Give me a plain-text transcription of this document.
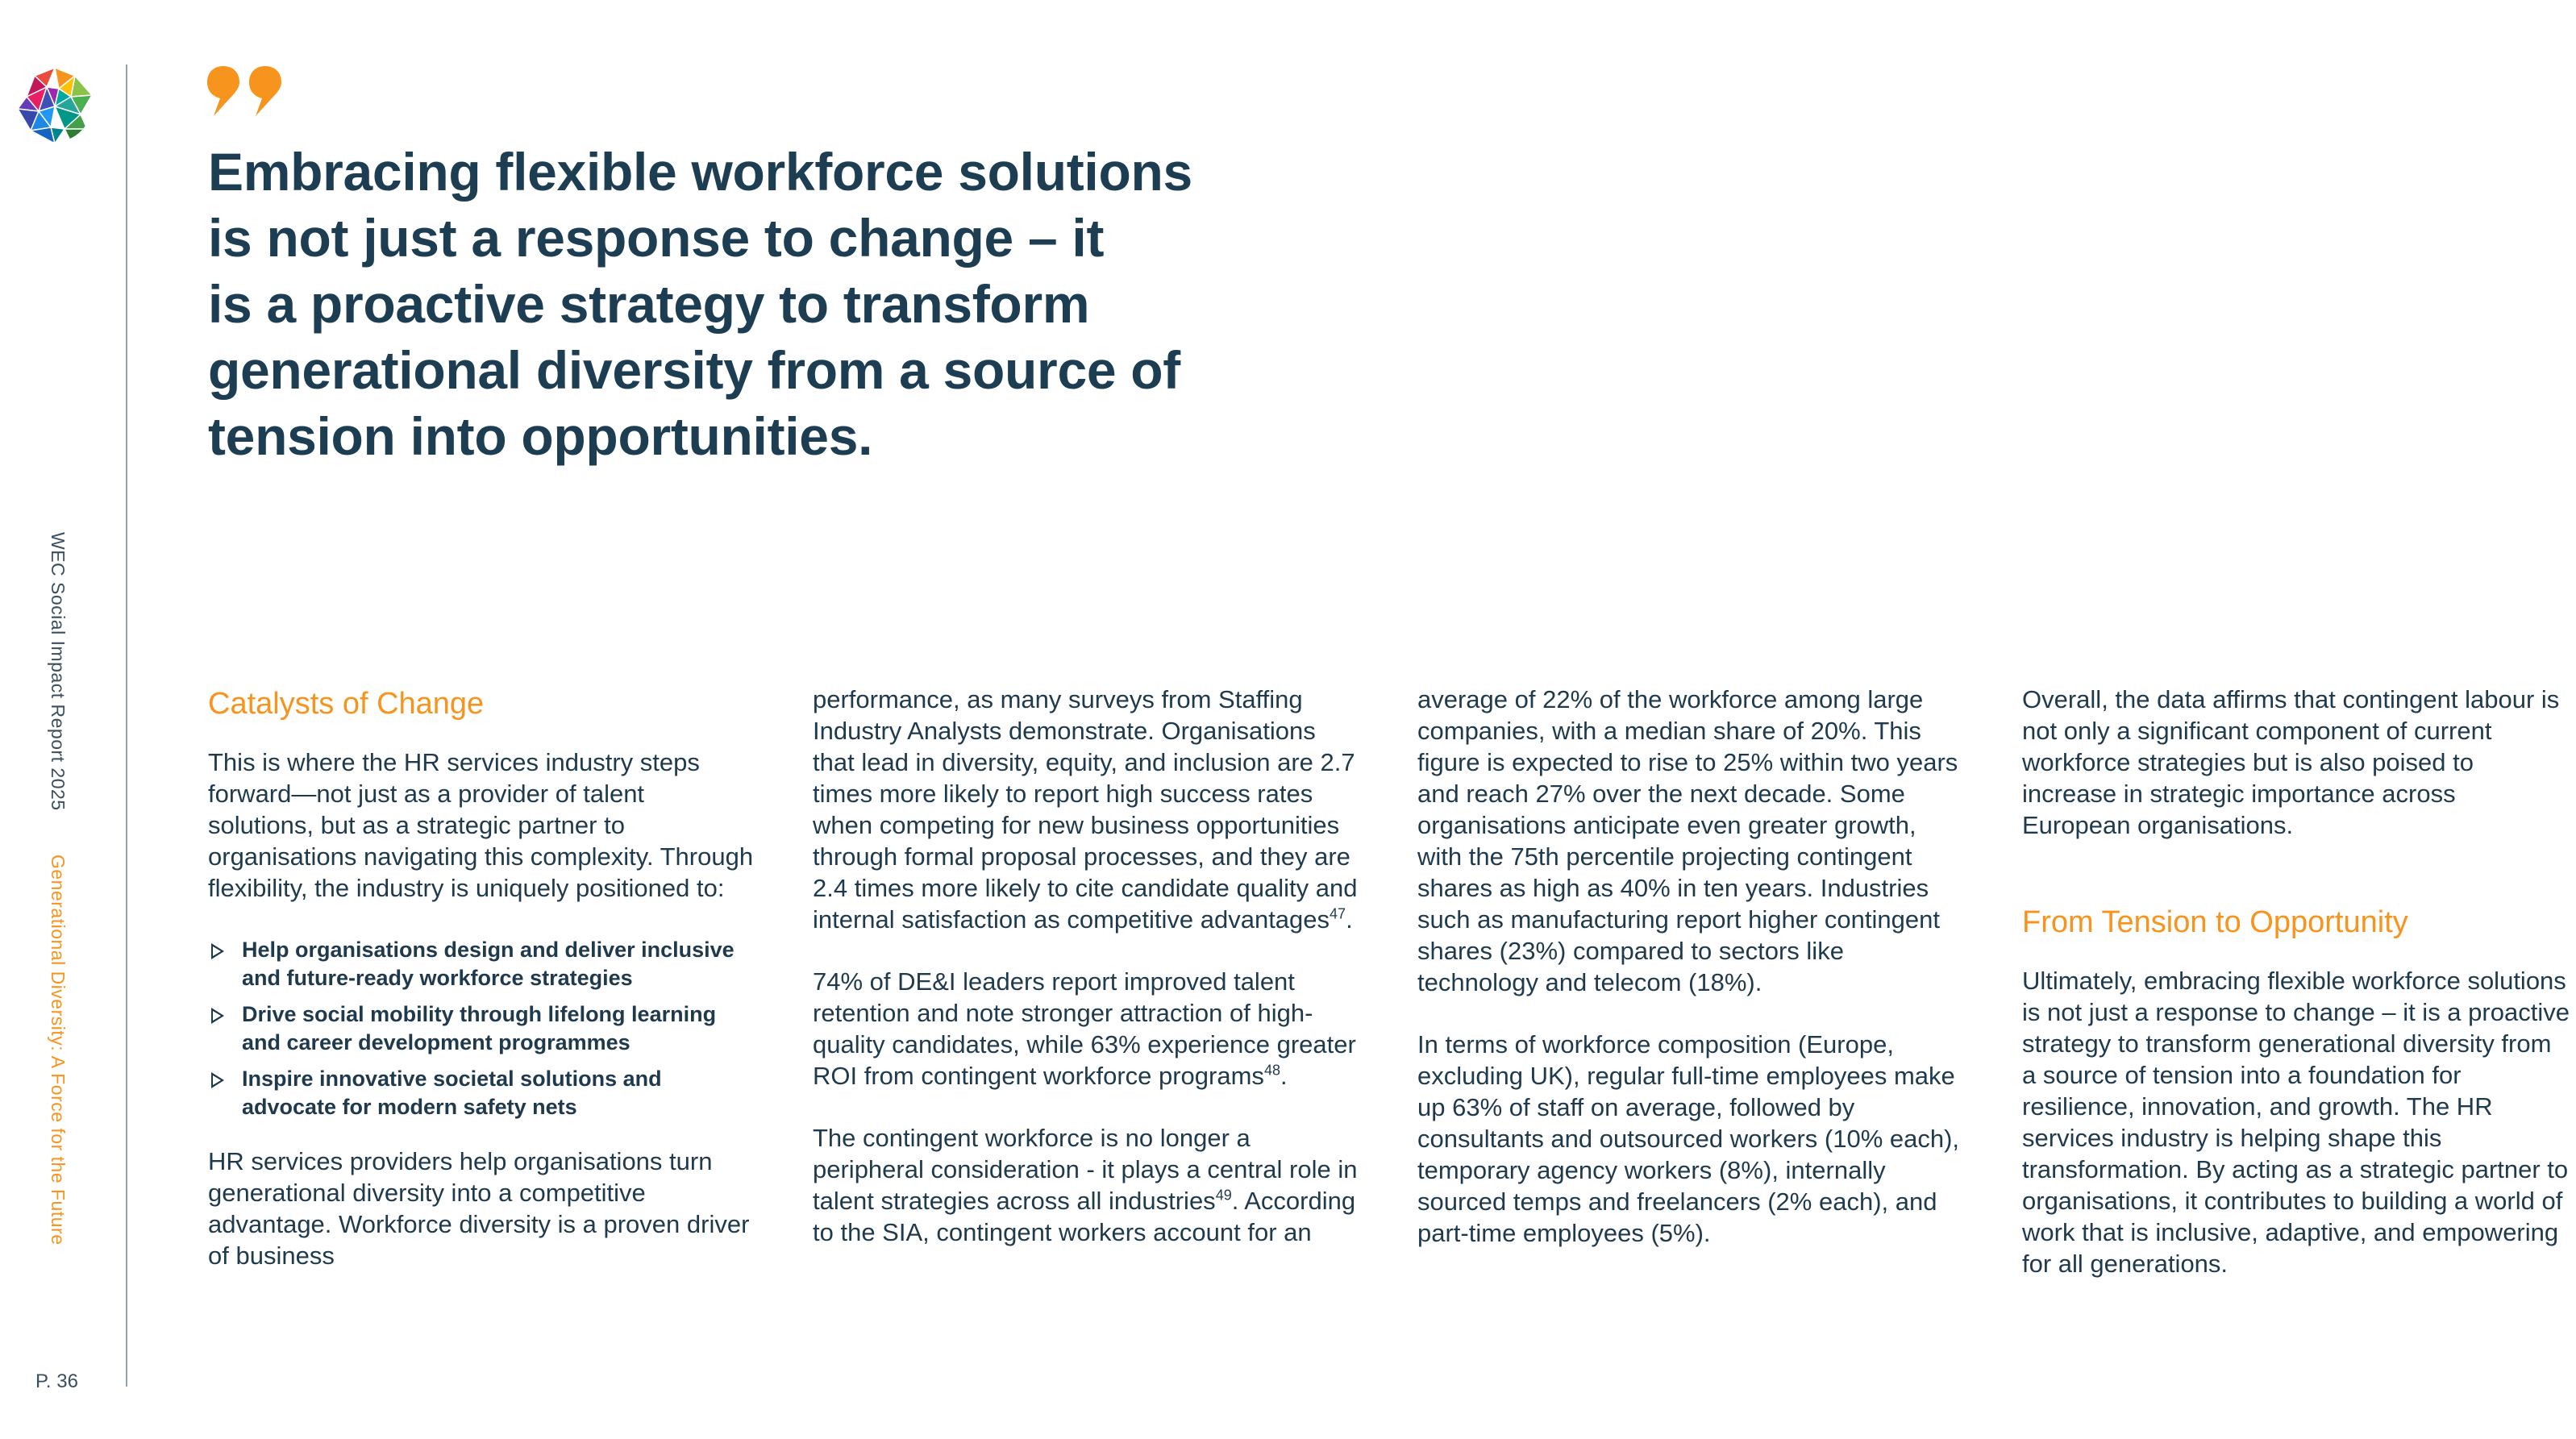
WEC Social Impact Report 2025
Generational Diversity: A Force for the Future
P. 36
Embracing flexible workforce solutions
is not just a response to change – it
is a proactive strategy to transform
generational diversity from a source of
tension into opportunities.
Catalysts of Change

This is where the HR services industry steps forward—not just as a provider of talent solutions, but as a strategic partner to organisations navigating this complexity. Through flexibility, the industry is uniquely positioned to:

Help organisations design and deliver inclusive and future-ready workforce strategies
Drive social mobility through lifelong learning and career development programmes
Inspire innovative societal solutions and advocate for modern safety nets

HR services providers help organisations turn generational diversity into a competitive advantage. Workforce diversity is a proven driver of business

performance, as many surveys from Staffing Industry Analysts demonstrate. Organisations that lead in diversity, equity, and inclusion are 2.7 times more likely to report high success rates when competing for new business opportunities through formal proposal processes, and they are 2.4 times more likely to cite candidate quality and internal satisfaction as competitive advantages$^{47}$.

74% of DE&I leaders report improved talent retention and note stronger attraction of high-quality candidates, while 63% experience greater ROI from contingent workforce programs$^{48}$.

The contingent workforce is no longer a peripheral consideration - it plays a central role in talent strategies across all industries$^{49}$. According to the SIA, contingent workers account for an

average of 22% of the workforce among large companies, with a median share of 20%. This figure is expected to rise to 25% within two years and reach 27% over the next decade. Some organisations anticipate even greater growth, with the 75th percentile projecting contingent shares as high as 40% in ten years. Industries such as manufacturing report higher contingent shares (23%) compared to sectors like technology and telecom (18%).

In terms of workforce composition (Europe, excluding UK), regular full-time employees make up 63% of staff on average, followed by consultants and outsourced workers (10% each), temporary agency workers (8%), internally sourced temps and freelancers (2% each), and part-time employees (5%).

Overall, the data affirms that contingent labour is not only a significant component of current workforce strategies but is also poised to increase in strategic importance across European organisations.

From Tension to Opportunity

Ultimately, embracing flexible workforce solutions is not just a response to change – it is a proactive strategy to transform generational diversity from a source of tension into a foundation for resilience, innovation, and growth. The HR services industry is helping shape this transformation. By acting as a strategic partner to organisations, it contributes to building a world of work that is inclusive, adaptive, and empowering for all generations.
